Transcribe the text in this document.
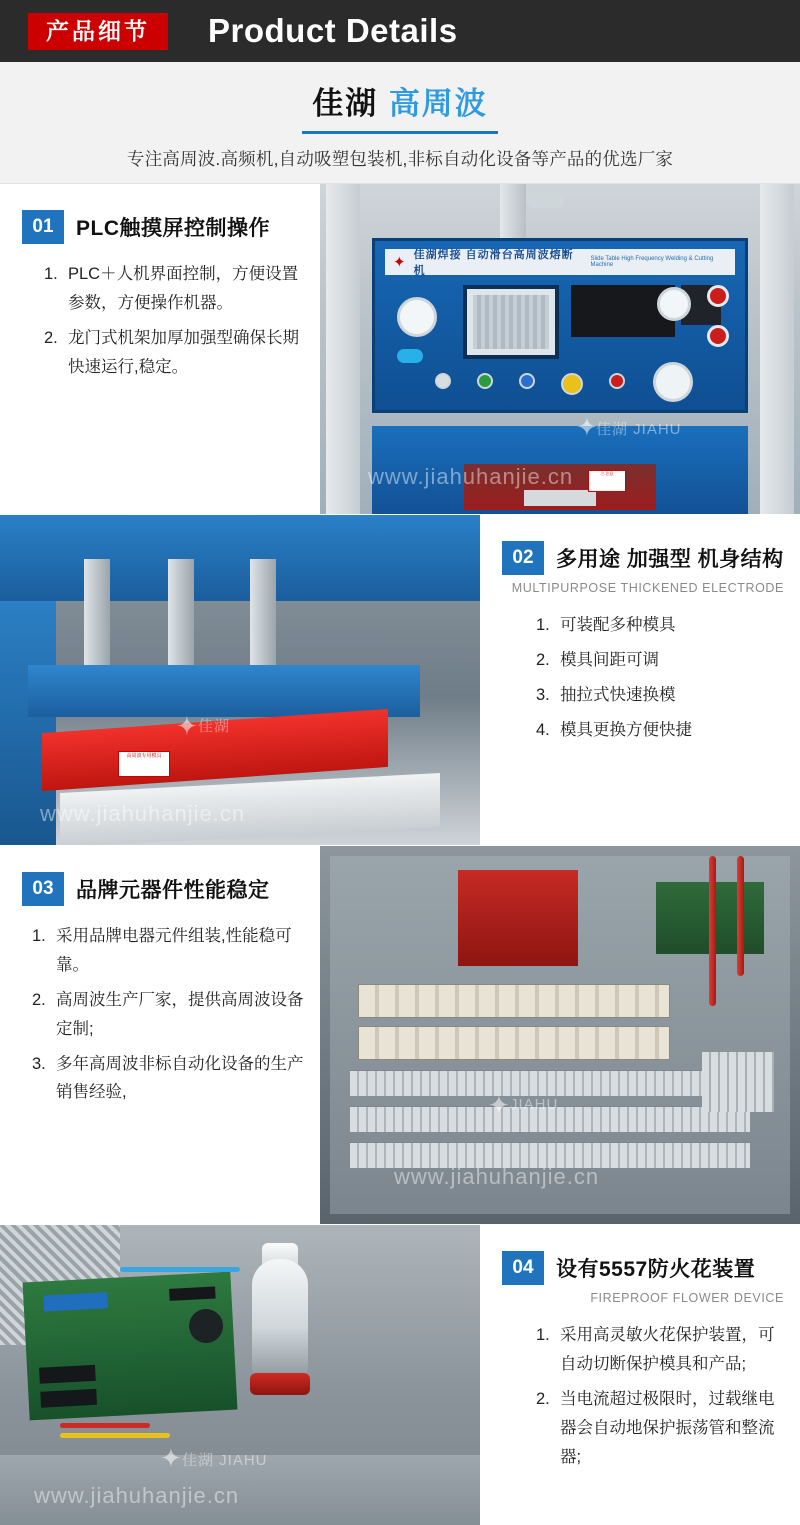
产品细节	Product Details
佳湖 高周波
专注高周波.高频机,自动吸塑包装机,非标自动化设备等产品的优选厂家
01	PLC触摸屏控制操作
1. PLC＋人机界面控制，方便设置参数，方便操作机器。
2. 龙门式机架加厚加强型确保长期快速运行,稳定。
✦ 佳湖焊接 自动滑台高周波熔断机
Slide Table High Frequency Welding & Cutting Machine
⚠ 注意
✦
佳湖 JIAHU
www.jiahuhanjie.cn
02	多用途 加强型 机身结构
MULTIPURPOSE THICKENED ELECTRODE
1. 可装配多种模具
2. 模具间距可调
3. 抽拉式快速换模
4. 模具更换方便快捷
高周波专用模具
✦ 佳湖
www.jiahuhanjie.cn
03	品牌元器件性能稳定
1. 采用品牌电器元件组装,性能稳可靠。
2. 高周波生产厂家，提供高周波设备定制;
3. 多年高周波非标自动化设备的生产销售经验,	✦ JIAHU
www.jiahuhanjie.cn
04	设有5557防火花装置
FIREPROOF FLOWER DEVICE
1. 采用高灵敏火花保护装置，可自动切断保护模具和产品;
2. 当电流超过极限时，过载继电器会自动地保护振荡管和整流器;
✦ 佳湖 JIAHU
www.jiahuhanjie.cn
